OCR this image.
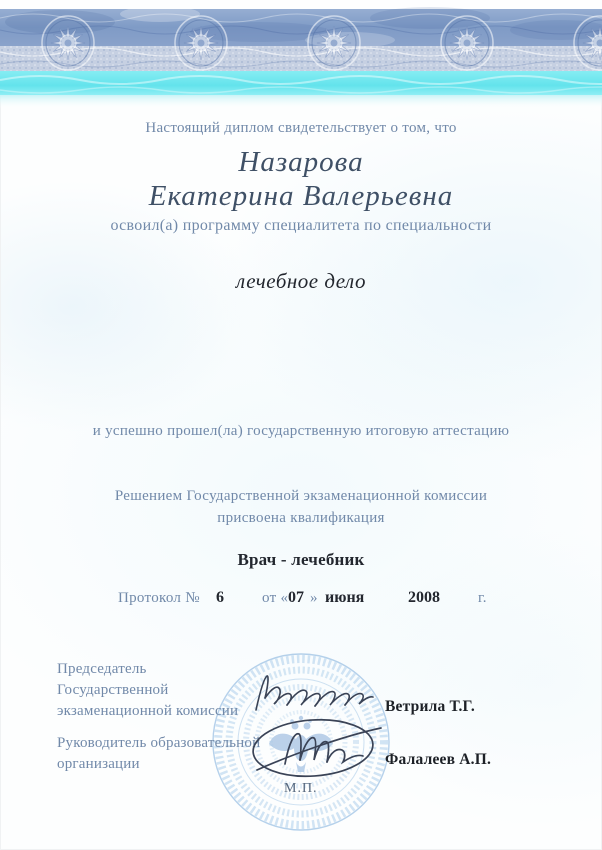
Настоящий диплом свидетельствует о том, что
Назарова
Екатерина Валерьевна
освоил(а) программу специалитета по специальности
лечебное дело
и успешно прошел(ла) государственную итоговую аттестацию
Решением Государственной экзаменационной комиссии
присвоена квалификация
Врач - лечебник
Протокол № 6	от « 07 » июня	2008	г.
Председатель
Государственной
экзаменационной комиссии
Руководитель образовательной
организации
Ветрила Т.Г.
Фалалеев А.П.
М.П.
